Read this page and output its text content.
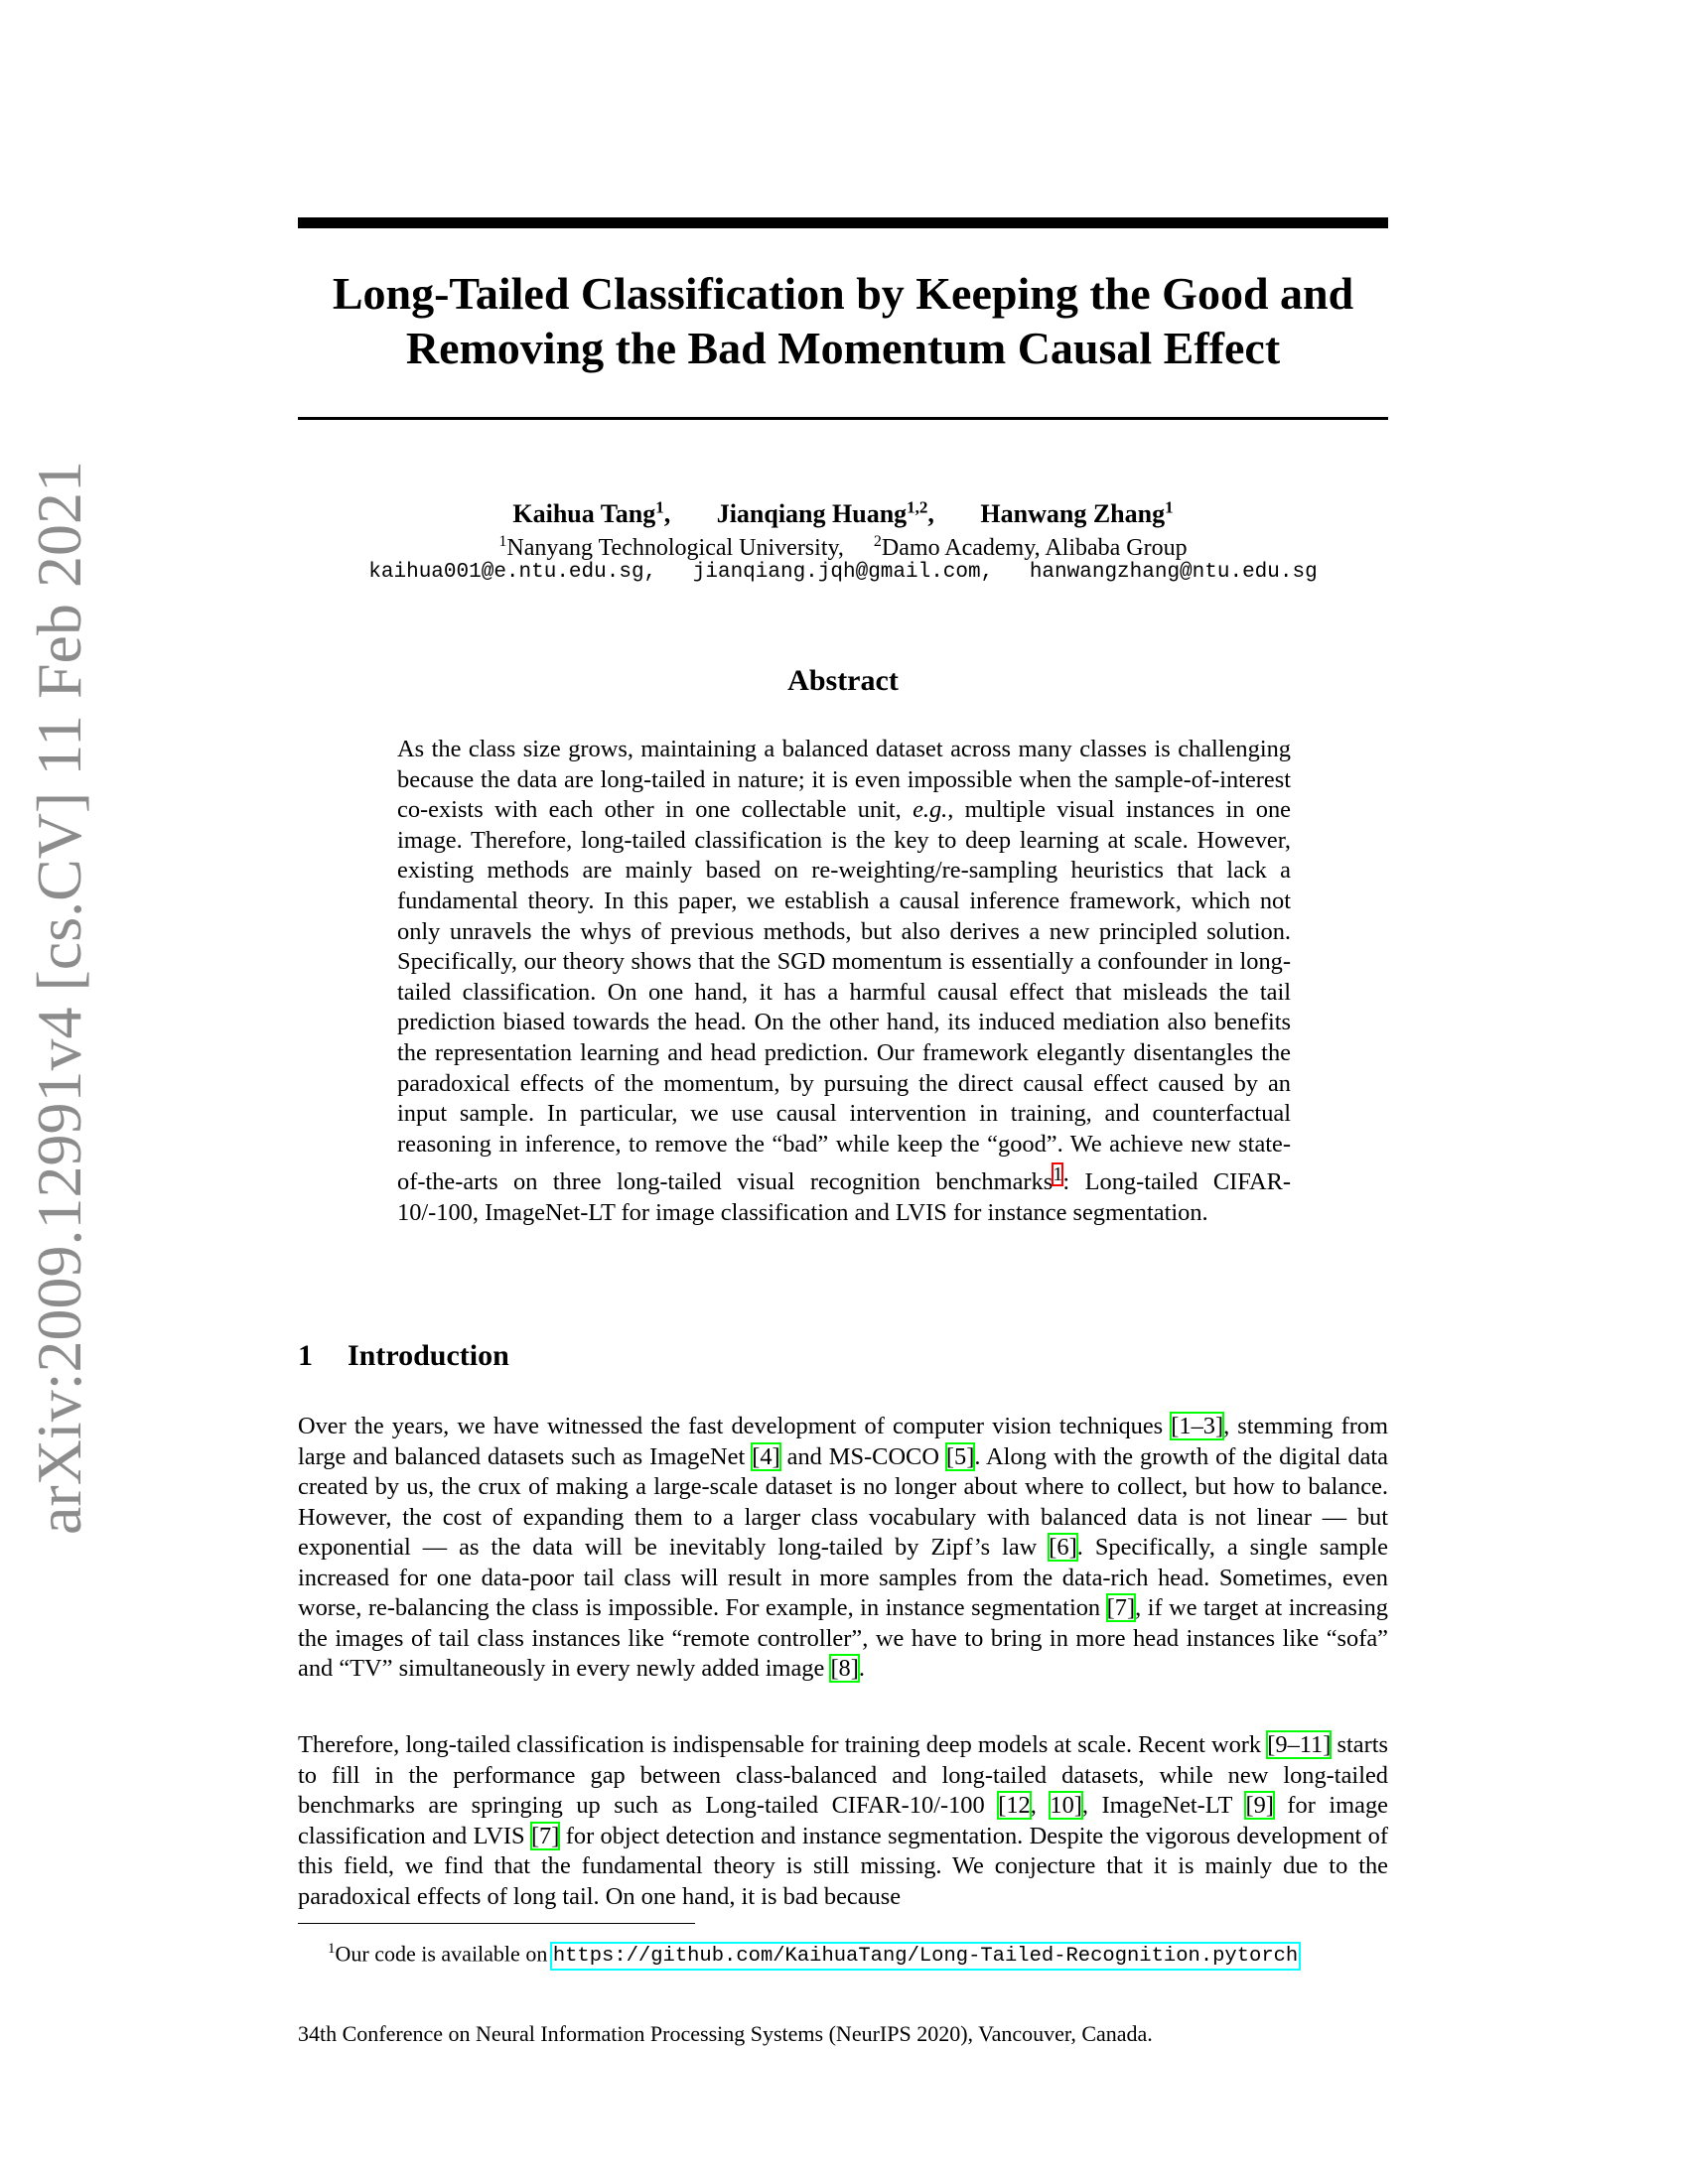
arXiv:2009.12991v4 [cs.CV] 11 Feb 2021
Long-Tailed Classification by Keeping the Good and
Removing the Bad Momentum Causal Effect
Kaihua Tang$^1$, Jianqiang Huang$^{1,2}$, Hanwang Zhang$^1$
$^1$Nanyang Technological University, $^2$Damo Academy, Alibaba Group
kaihua001@e.ntu.edu.sg, jianqiang.jqh@gmail.com, hanwangzhang@ntu.edu.sg
Abstract

As the class size grows, maintaining a balanced dataset across many classes is challenging because the data are long-tailed in nature; it is even impossible when the sample-of-interest co-exists with each other in one collectable unit, e.g., multiple visual instances in one image. Therefore, long-tailed classification is the key to deep learning at scale. However, existing methods are mainly based on re-weighting/re-sampling heuristics that lack a fundamental theory. In this paper, we establish a causal inference framework, which not only unravels the whys of previous methods, but also derives a new principled solution. Specifically, our theory shows that the SGD momentum is essentially a confounder in long-tailed classification. On one hand, it has a harmful causal effect that misleads the tail prediction biased towards the head. On the other hand, its induced mediation also benefits the representation learning and head prediction. Our framework elegantly disentangles the paradoxical effects of the momentum, by pursuing the direct causal effect caused by an input sample. In particular, we use causal intervention in training, and counterfactual reasoning in inference, to remove the “bad” while keep the “good”. We achieve new state-of-the-arts on three long-tailed visual recognition benchmarks$^1$: Long-tailed CIFAR-10/-100, ImageNet-LT for image classification and LVIS for instance segmentation.

1 Introduction

Over the years, we have witnessed the fast development of computer vision techniques [1–3], stemming from large and balanced datasets such as ImageNet [4] and MS-COCO [5]. Along with the growth of the digital data created by us, the crux of making a large-scale dataset is no longer about where to collect, but how to balance. However, the cost of expanding them to a larger class vocabulary with balanced data is not linear — but exponential — as the data will be inevitably long-tailed by Zipf’s law [6]. Specifically, a single sample increased for one data-poor tail class will result in more samples from the data-rich head. Sometimes, even worse, re-balancing the class is impossible. For example, in instance segmentation [7], if we target at increasing the images of tail class instances like “remote controller”, we have to bring in more head instances like “sofa” and “TV” simultaneously in every newly added image [8].

Therefore, long-tailed classification is indispensable for training deep models at scale. Recent work [9–11] starts to fill in the performance gap between class-balanced and long-tailed datasets, while new long-tailed benchmarks are springing up such as Long-tailed CIFAR-10/-100 [12, 10], ImageNet-LT [9] for image classification and LVIS [7] for object detection and instance segmentation. Despite the vigorous development of this field, we find that the fundamental theory is still missing. We conjecture that it is mainly due to the paradoxical effects of long tail. On one hand, it is bad because

$^1$Our code is available on https://github.com/KaihuaTang/Long-Tailed-Recognition.pytorch

34th Conference on Neural Information Processing Systems (NeurIPS 2020), Vancouver, Canada.
